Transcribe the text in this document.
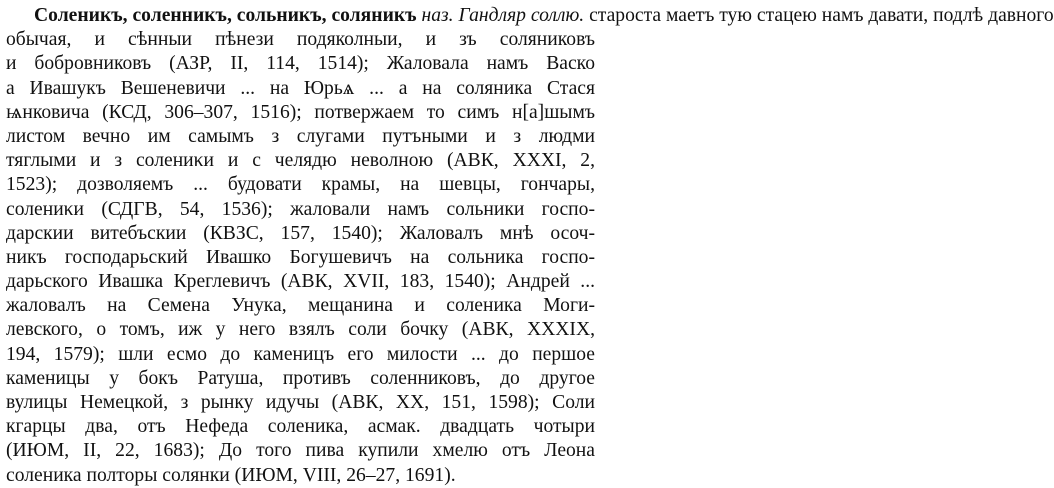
Соленикъ, соленникъ, сольникъ, соляникъ наз. Гандляр соллю. старoста маетъ тую стацею намъ давати, подлѣ давного
обычая, и сѣнныи пѣнези подяколныи, и зъ соляниковъ
и бобровниковъ (АЗР, II, 114, 1514); Жаловала намъ Васко
а Ивашукъ Вешеневичи ... на Юрьѧ ... а на соляника Стася
ѩнковича (КСД, 306–307, 1516); потвержаем то симъ н[а]шымъ
листом вечно им самымъ з слугами путъными и з людми
тяглыми и з солениκи и с челядю неволною (АВК, XXXI, 2,
1523); дозволяемъ ... будовати крамы, на шевцы, гончары,
солениκи (СДГВ, 54, 1536); жаловали намъ сольники госпо-
дарскии витебъскии (КВЗС, 157, 1540); Жаловалъ мнѣ осоч-
никъ господарьский Ивашко Богушевичъ на сольника госпо-
дарьского Ивашка Креглевичъ (АВК, XVII, 183, 1540); Андрей ...
жаловалъ на Семена Унука, мещанина и соленика Моги-
левского, о томъ, иж у него взялъ соли бочку (АВК, XXXIX,
194, 1579); шли есмо до каменицъ его милости ... до першое
каменицы у бокъ Ратуша, противъ соленниковъ, до другое
вулицы Немецкой, з рынку идучы (АВК, XX, 151, 1598); Соли
кгарцы два, отъ Нефеда соленика, асмак. двадцать чотыри
(ИЮМ, II, 22, 1683); До того пива купили хмелю отъ Леона
соленика полторы солянки (ИЮМ, VIII, 26–27, 1691).
